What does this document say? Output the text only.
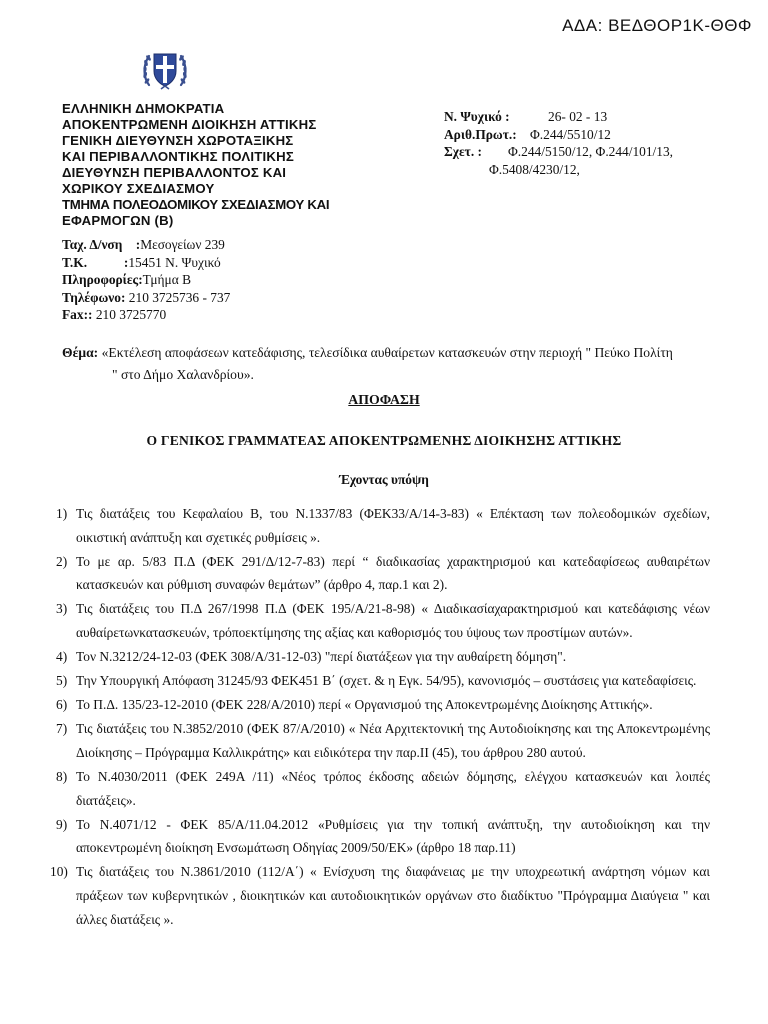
ΑΔΑ: ΒΕΔΘΟΡ1Κ-ΘΘΦ
ΕΛΛΗΝΙΚΗ ΔΗΜΟΚΡΑΤΙΑ
ΑΠΟΚΕΝΤΡΩΜΕΝΗ ΔΙΟΙΚΗΣΗ ΑΤΤΙΚΗΣ
ΓΕΝΙΚΗ ΔΙΕΥΘΥΝΣΗ ΧΩΡΟΤΑΞΙΚΗΣ
ΚΑΙ ΠΕΡΙΒΑΛΛΟΝΤΙΚΗΣ ΠΟΛΙΤΙΚΗΣ
ΔΙΕΥΘΥΝΣΗ ΠΕΡΙΒΑΛΛΟΝΤΟΣ ΚΑΙ
ΧΩΡΙΚΟΥ ΣΧΕΔΙΑΣΜΟΥ
ΤΜΗΜΑ ΠΟΛΕΟΔΟΜΙΚΟΥ ΣΧΕΔΙΑΣΜΟΥ ΚΑΙ
ΕΦΑΡΜΟΓΩΝ (Β)
Ταχ. Δ/νση    :Μεσογείων 239
Τ.Κ.           :15451 Ν. Ψυχικό
Πληροφορίες:Τμήμα Β
Τηλέφωνο: 210 3725736 - 737
Fax:: 210 3725770
Ν. Ψυχικό :	26- 02 - 13
Αριθ.Πρωτ.: Φ.244/5510/12
Σχετ. : Φ.244/5150/12, Φ.244/101/13,
Φ.5408/4230/12,
Θέμα: «Εκτέλεση αποφάσεων κατεδάφισης, τελεσίδικα αυθαίρετων κατασκευών στην περιοχή " Πεύκο Πολίτη
" στο Δήμο Χαλανδρίου».
ΑΠΟΦΑΣΗ
Ο ΓΕΝΙΚΟΣ ΓΡΑΜΜΑΤΕΑΣ ΑΠΟΚΕΝΤΡΩΜΕΝΗΣ ΔΙΟΙΚΗΣΗΣ ΑΤΤΙΚΗΣ
Έχοντας υπόψη
1) Τις διατάξεις του Κεφαλαίου Β, του Ν.1337/83 (ΦΕΚ33/Α/14-3-83) « Επέκταση των πολεοδομικών σχεδίων, οικιστική ανάπτυξη και σχετικές ρυθμίσεις ».
2) Το με αρ. 5/83 Π.Δ (ΦΕΚ 291/Δ/12-7-83) περί “ διαδικασίας χαρακτηρισμού και κατεδαφίσεως αυθαιρέτων κατασκευών και ρύθμιση συναφών θεμάτων” (άρθρο 4, παρ.1 και 2).
3) Τις διατάξεις του Π.Δ 267/1998 Π.Δ (ΦΕΚ 195/Α/21-8-98) « Διαδικασίαχαρακτηρισμού και κατεδάφισης νέων αυθαίρετωνκατασκευών, τρόποεκτίμησης της αξίας και καθορισμός του ύψους των προστίμων αυτών».
4) Τον Ν.3212/24-12-03 (ΦΕΚ 308/Α/31-12-03) "περί διατάξεων για την αυθαίρετη δόμηση".
5) Την Υπουργική Απόφαση 31245/93 ΦΕΚ451 Β΄ (σχετ. & η Εγκ. 54/95), κανονισμός – συστάσεις για κατεδαφίσεις.
6) Το Π.Δ. 135/23-12-2010 (ΦΕΚ 228/Α/2010) περί « Οργανισμού της Αποκεντρωμένης Διοίκησης Αττικής».
7) Τις διατάξεις του Ν.3852/2010 (ΦΕΚ 87/Α/2010) « Νέα Αρχιτεκτονική της Αυτοδιοίκησης και της Αποκεντρωμένης Διοίκησης – Πρόγραμμα Καλλικράτης» και ειδικότερα την παρ.ΙΙ (45), του άρθρου 280 αυτού.
8) Το Ν.4030/2011 (ΦΕΚ 249Α /11) «Νέος τρόπος έκδοσης αδειών δόμησης, ελέγχου κατασκευών και λοιπές διατάξεις».
9) Το Ν.4071/12 - ΦΕΚ 85/Α/11.04.2012 «Ρυθμίσεις για την τοπική ανάπτυξη, την αυτοδιοίκηση και την αποκεντρωμένη διοίκηση Ενσωμάτωση Οδηγίας 2009/50/ΕΚ» (άρθρο 18 παρ.11)
10) Τις διατάξεις του Ν.3861/2010 (112/Α΄) « Ενίσχυση της διαφάνειας με την υποχρεωτική ανάρτηση νόμων και πράξεων των κυβερνητικών , διοικητικών και αυτοδιοικητικών οργάνων στο διαδίκτυο "Πρόγραμμα Διαύγεια " και άλλες διατάξεις ».
